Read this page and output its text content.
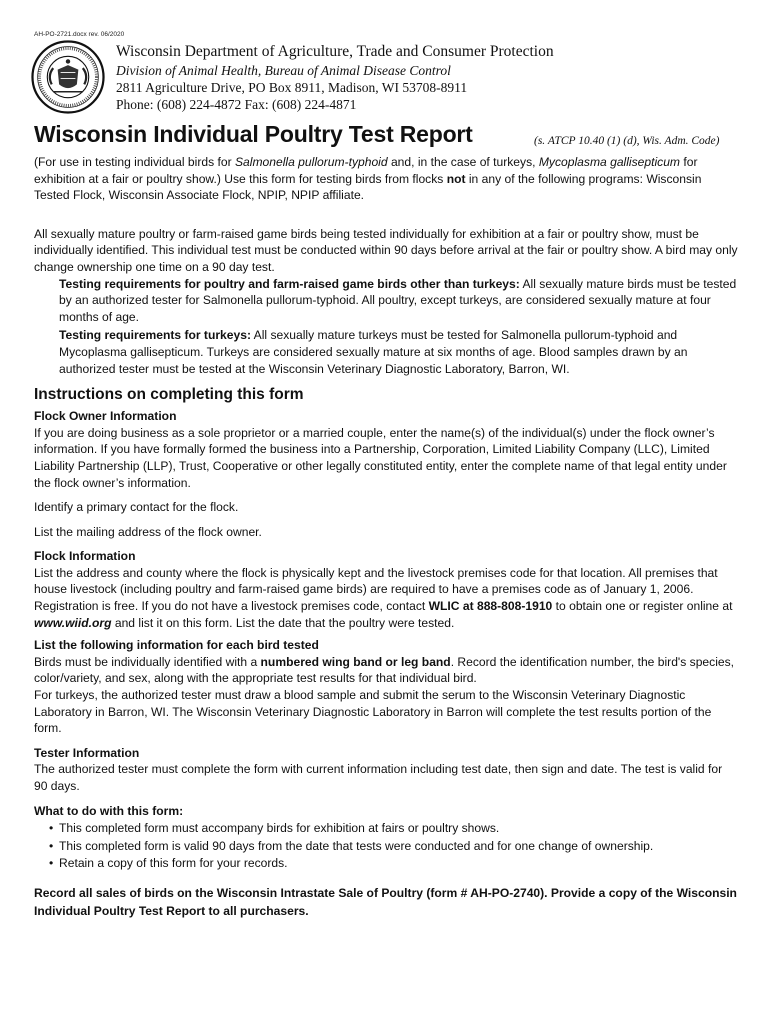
AH-PO-2721.docx rev. 06/2020
Wisconsin Department of Agriculture, Trade and Consumer Protection
Division of Animal Health, Bureau of Animal Disease Control
2811 Agriculture Drive, PO Box 8911, Madison, WI 53708-8911
Phone: (608) 224-4872 Fax: (608) 224-4871
Wisconsin Individual Poultry Test Report	(s. ATCP 10.40 (1) (d), Wis. Adm. Code)

(For use in testing individual birds for Salmonella pullorum-typhoid and, in the case of turkeys, Mycoplasma gallisepticum for exhibition at a fair or poultry show.) Use this form for testing birds from flocks not in any of the following programs: Wisconsin Tested Flock, Wisconsin Associate Flock, NPIP, NPIP affiliate.

All sexually mature poultry or farm-raised game birds being tested individually for exhibition at a fair or poultry show, must be individually identified. This individual test must be conducted within 90 days before arrival at the fair or poultry show. A bird may only change ownership one time on a 90 day test.

Testing requirements for poultry and farm-raised game birds other than turkeys: All sexually mature birds must be tested by an authorized tester for Salmonella pullorum-typhoid. All poultry, except turkeys, are considered sexually mature at four months of age.

Testing requirements for turkeys: All sexually mature turkeys must be tested for Salmonella pullorum-typhoid and Mycoplasma gallisepticum. Turkeys are considered sexually mature at six months of age. Blood samples drawn by an authorized tester must be tested at the Wisconsin Veterinary Diagnostic Laboratory, Barron, WI.

Instructions on completing this form

Flock Owner Information

If you are doing business as a sole proprietor or a married couple, enter the name(s) of the individual(s) under the flock owner’s information. If you have formally formed the business into a Partnership, Corporation, Limited Liability Company (LLC), Limited Liability Partnership (LLP), Trust, Cooperative or other legally constituted entity, enter the complete name of that legal entity under the flock owner’s information.

Identify a primary contact for the flock.

List the mailing address of the flock owner.

Flock Information

List the address and county where the flock is physically kept and the livestock premises code for that location. All premises that house livestock (including poultry and farm-raised game birds) are required to have a premises code as of January 1, 2006. Registration is free. If you do not have a livestock premises code, contact WLIC at 888-808-1910 to obtain one or register online at www.wiid.org and list it on this form. List the date that the poultry were tested.

List the following information for each bird tested

Birds must be individually identified with a numbered wing band or leg band. Record the identification number, the bird's species, color/variety, and sex, along with the appropriate test results for that individual bird.

For turkeys, the authorized tester must draw a blood sample and submit the serum to the Wisconsin Veterinary Diagnostic Laboratory in Barron, WI. The Wisconsin Veterinary Diagnostic Laboratory in Barron will complete the test results portion of the form.

Tester Information

The authorized tester must complete the form with current information including test date, then sign and date. The test is valid for 90 days.

What to do with this form:

• This completed form must accompany birds for exhibition at fairs or poultry shows.
• This completed form is valid 90 days from the date that tests were conducted and for one change of ownership.
• Retain a copy of this form for your records.

Record all sales of birds on the Wisconsin Intrastate Sale of Poultry (form # AH-PO-2740). Provide a copy of the Wisconsin Individual Poultry Test Report to all purchasers.
